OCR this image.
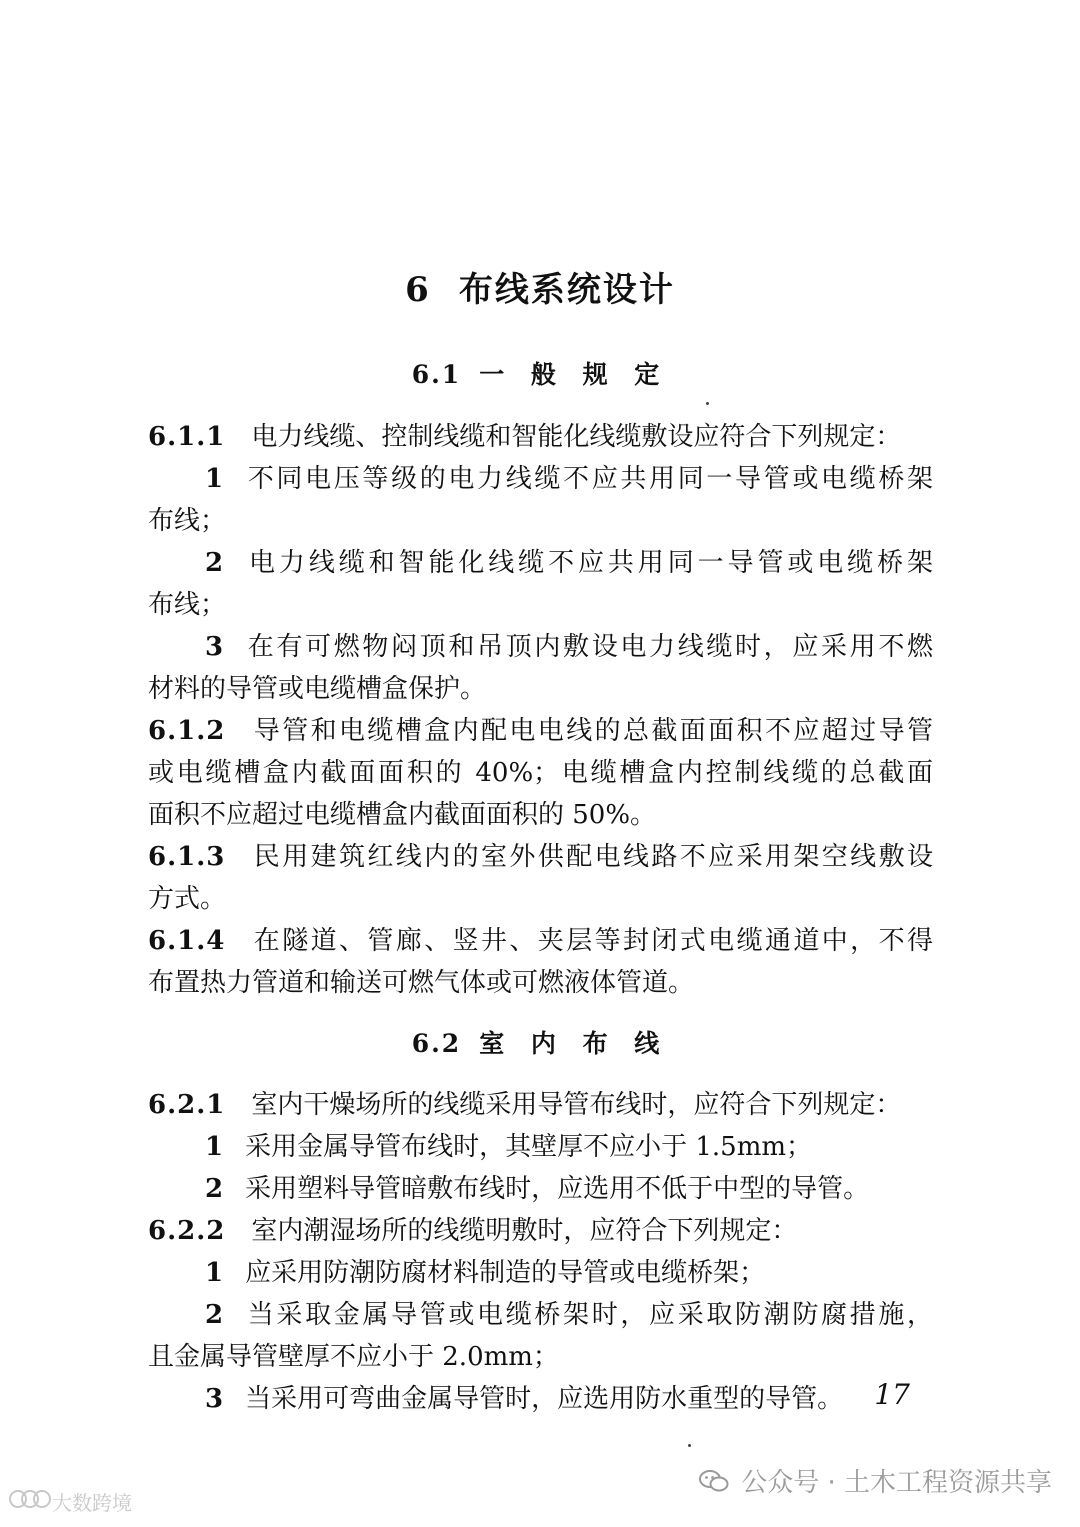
6 布线系统设计
6.1 一 般 规 定
6.1.1 电力线缆、控制线缆和智能化线缆敷设应符合下列规定：
1 不同电压等级的电力线缆不应共用同一导管或电缆桥架
布线；
2 电力线缆和智能化线缆不应共用同一导管或电缆桥架
布线；
3 在有可燃物闷顶和吊顶内敷设电力线缆时，应采用不燃
材料的导管或电缆槽盒保护。
6.1.2 导管和电缆槽盒内配电电线的总截面面积不应超过导管
或电缆槽盒内截面面积的 40%；电缆槽盒内控制线缆的总截面
面积不应超过电缆槽盒内截面面积的 50%。
6.1.3 民用建筑红线内的室外供配电线路不应采用架空线敷设
方式。
6.1.4 在隧道、管廊、竖井、夹层等封闭式电缆通道中，不得
布置热力管道和输送可燃气体或可燃液体管道。
6.2 室 内 布 线
6.2.1 室内干燥场所的线缆采用导管布线时，应符合下列规定：
1 采用金属导管布线时，其壁厚不应小于 1.5mm；
2 采用塑料导管暗敷布线时，应选用不低于中型的导管。
6.2.2 室内潮湿场所的线缆明敷时，应符合下列规定：
1 应采用防潮防腐材料制造的导管或电缆桥架；
2 当采取金属导管或电缆桥架时，应采取防潮防腐措施，
且金属导管壁厚不应小于 2.0mm；
3 当采用可弯曲金属导管时，应选用防水重型的导管。	17
公众号 · 土木工程资源共享
大数跨境
